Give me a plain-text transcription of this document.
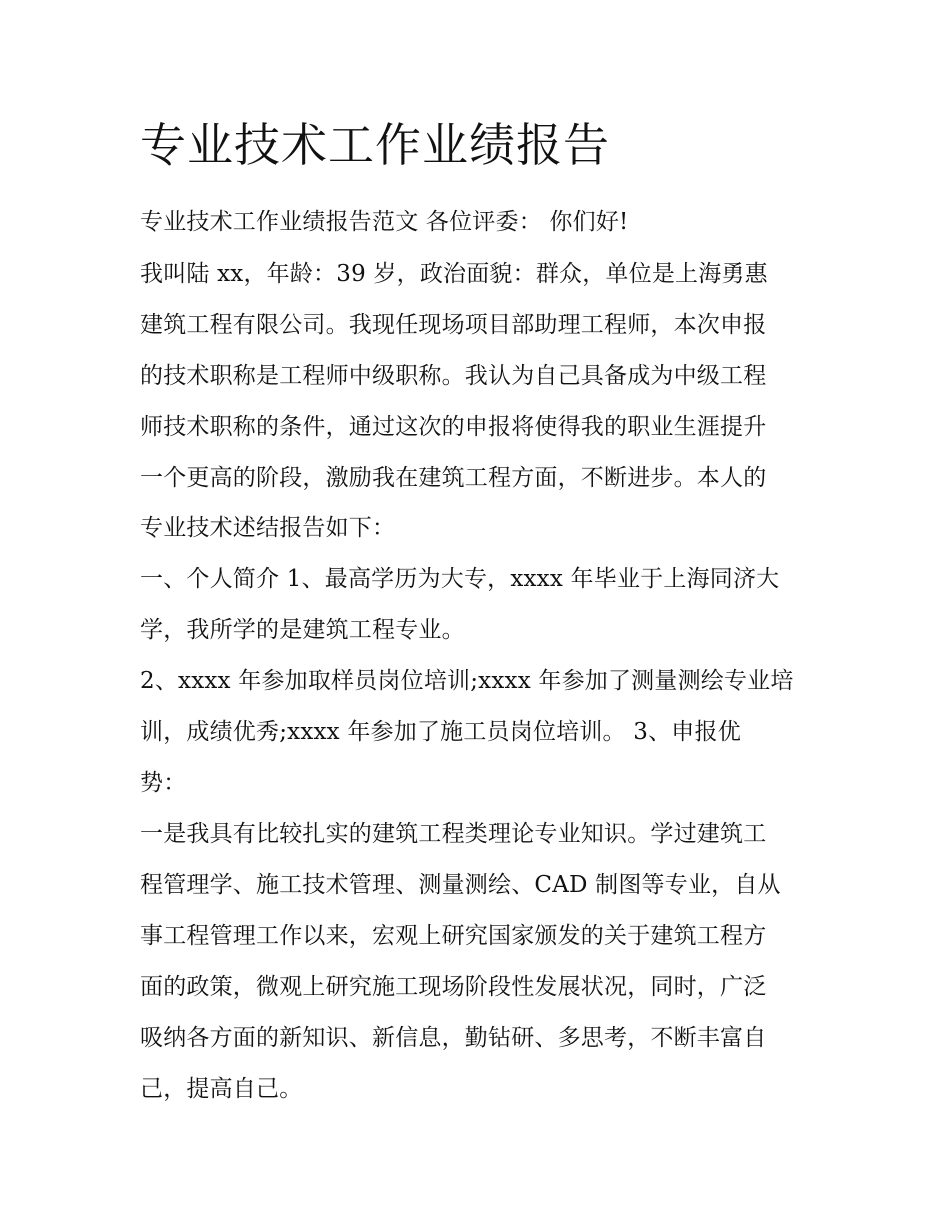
专业技术工作业绩报告

专业技术工作业绩报告范文 各位评委： 你们好!

我叫陆 xx，年龄：39 岁，政治面貌：群众，单位是上海勇惠

建筑工程有限公司。我现任现场项目部助理工程师，本次申报

的技术职称是工程师中级职称。我认为自己具备成为中级工程

师技术职称的条件，通过这次的申报将使得我的职业生涯提升

一个更高的阶段，激励我在建筑工程方面，不断进步。本人的

专业技术述结报告如下：

一、个人简介 1、最高学历为大专，xxxx 年毕业于上海同济大

学，我所学的是建筑工程专业。

2、xxxx 年参加取样员岗位培训;xxxx 年参加了测量测绘专业培

训，成绩优秀;xxxx 年参加了施工员岗位培训。 3、申报优

势：

一是我具有比较扎实的建筑工程类理论专业知识。学过建筑工

程管理学、施工技术管理、测量测绘、CAD 制图等专业，自从

事工程管理工作以来，宏观上研究国家颁发的关于建筑工程方

面的政策，微观上研究施工现场阶段性发展状况，同时，广泛

吸纳各方面的新知识、新信息，勤钻研、多思考，不断丰富自

己，提高自己。
